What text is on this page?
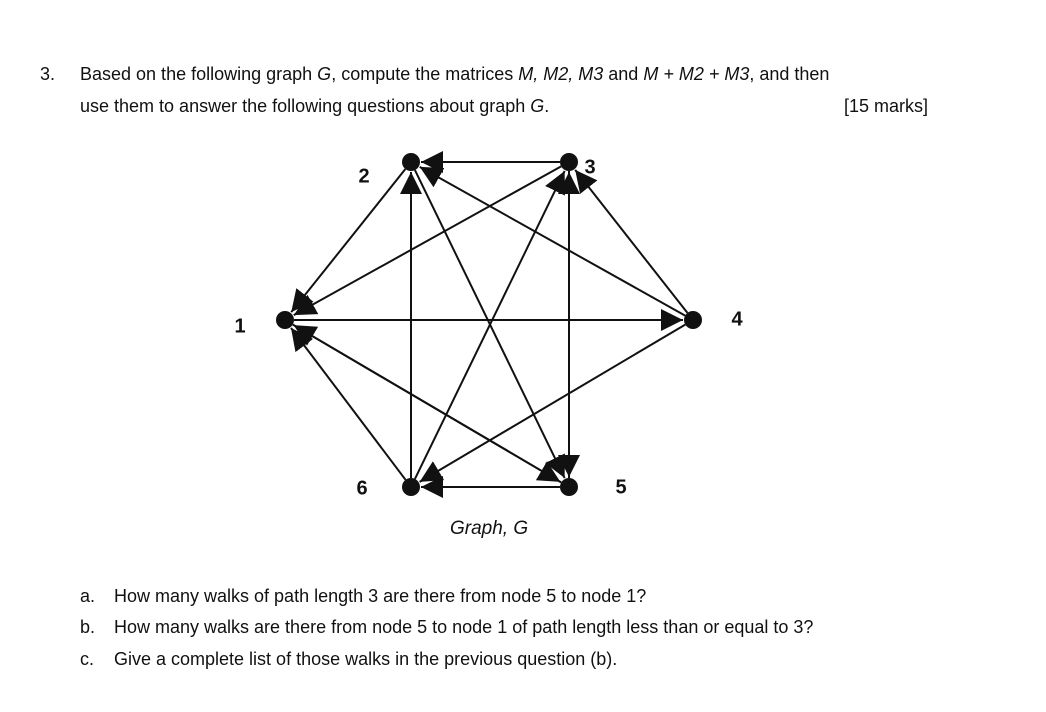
3. Based on the following graph G, compute the matrices M, M2, M3 and M + M2 + M3, and then
use them to answer the following questions about graph G.	[15 marks]
1
2	3
4
5
6
Graph, G
a. How many walks of path length 3 are there from node 5 to node 1?
b. How many walks are there from node 5 to node 1 of path length less than or equal to 3?
c. Give a complete list of those walks in the previous question (b).
